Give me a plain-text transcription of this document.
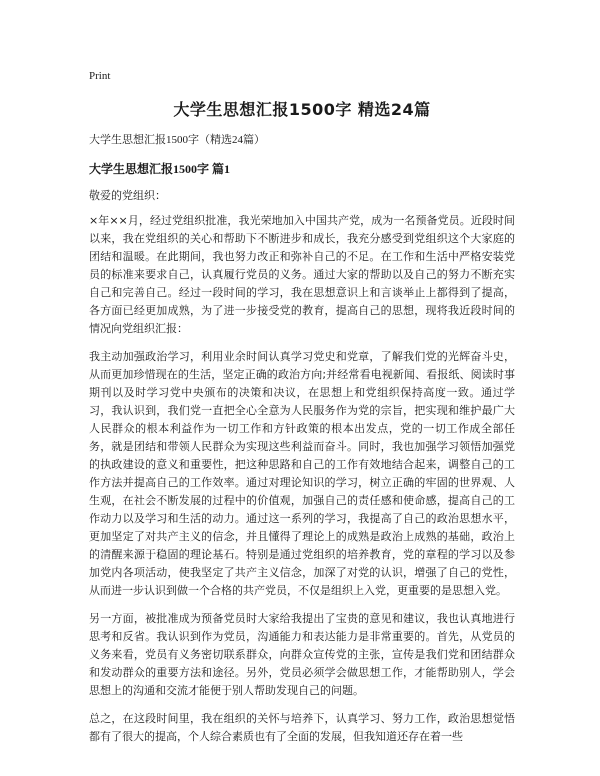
Print
大学生思想汇报1500字 精选24篇
大学生思想汇报1500字（精选24篇）
大学生思想汇报1500字 篇1
敬爱的党组织：

×年××月，经过党组织批准，我光荣地加入中国共产党，成为一名预备党员。近段时间以来，我在党组织的关心和帮助下不断进步和成长，我充分感受到党组织这个大家庭的团结和温暖。在此期间，我也努力改正和弥补自己的不足。在工作和生活中严格安装党员的标准来要求自己，认真履行党员的义务。通过大家的帮助以及自己的努力不断充实自己和完善自己。经过一段时间的学习，我在思想意识上和言谈举止上都得到了提高，各方面已经更加成熟，为了进一步接受党的教育，提高自己的思想，现将我近段时间的情况向党组织汇报：

我主动加强政治学习，利用业余时间认真学习党史和党章，了解我们党的光辉奋斗史，从而更加珍惜现在的生活，坚定正确的政治方向;并经常看电视新闻、看报纸、阅读时事期刊以及时学习党中央颁布的决策和决议，在思想上和党组织保持高度一致。通过学习，我认识到，我们党一直把全心全意为人民服务作为党的宗旨，把实现和维护最广大人民群众的根本利益作为一切工作和方针政策的根本出发点，党的一切工作成全部任务，就是团结和带领人民群众为实现这些利益而奋斗。同时，我也加强学习领悟加强党的执政建设的意义和重要性，把这种思路和自己的工作有效地结合起来，调整自己的工作方法并提高自己的工作效率。通过对理论知识的学习，树立正确的牢固的世界观、人生观，在社会不断发展的过程中的价值观，加强自己的责任感和使命感，提高自己的工作动力以及学习和生活的动力。通过这一系列的学习，我提高了自己的政治思想水平，更加坚定了对共产主义的信念，并且懂得了理论上的成熟是政治上成熟的基础，政治上的清醒来源于稳固的理论基石。特别是通过党组织的培养教育，党的章程的学习以及参加党内各项活动，使我坚定了共产主义信念，加深了对党的认识，增强了自己的党性，从而进一步认识到做一个合格的共产党员，不仅是组织上入党，更重要的是思想入党。

另一方面，被批准成为预备党员时大家给我提出了宝贵的意见和建议，我也认真地进行思考和反省。我认识到作为党员，沟通能力和表达能力是非常重要的。首先，从党员的义务来看，党员有义务密切联系群众，向群众宣传党的主张，宣传是我们党和团结群众和发动群众的重要方法和途径。另外，党员必须学会做思想工作，才能帮助别人，学会思想上的沟通和交流才能便于别人帮助发现自己的问题。

总之，在这段时间里，我在组织的关怀与培养下，认真学习、努力工作，政治思想觉悟都有了很大的提高，个人综合素质也有了全面的发展，但我知道还存在着一些
